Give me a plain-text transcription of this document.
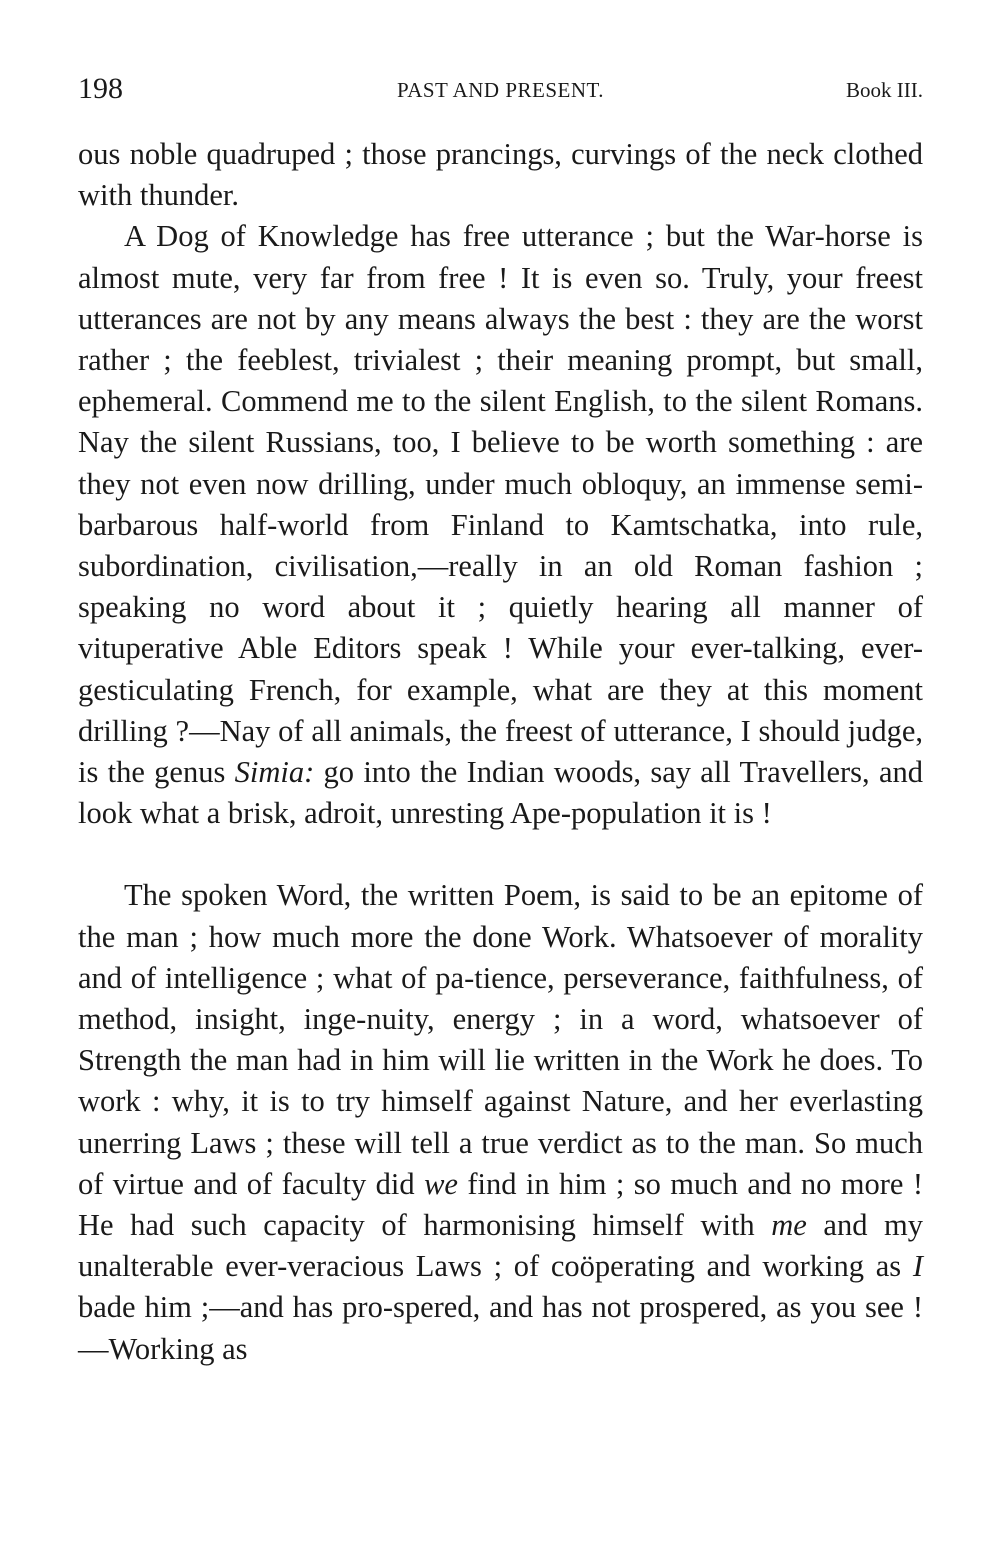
198	PAST AND PRESENT.	Book III.

ous noble quadruped ; those prancings, curvings of the neck clothed with thunder.

A Dog of Knowledge has free utterance ; but the War-horse is almost mute, very far from free ! It is even so. Truly, your freest utterances are not by any means always the best : they are the worst rather ; the feeblest, trivialest ; their meaning prompt, but small, ephemeral. Commend me to the silent English, to the silent Romans. Nay the silent Russians, too, I believe to be worth something : are they not even now drilling, under much obloquy, an immense semi-barbarous half-world from Finland to Kamtschatka, into rule, subordination, civilisation,—really in an old Roman fashion ; speaking no word about it ; quietly hearing all manner of vituperative Able Editors speak ! While your ever-talking, ever-gesticulating French, for example, what are they at this moment drilling ?—Nay of all animals, the freest of utterance, I should judge, is the genus Simia: go into the Indian woods, say all Travellers, and look what a brisk, adroit, unresting Ape-population it is !

The spoken Word, the written Poem, is said to be an epitome of the man ; how much more the done Work. Whatsoever of morality and of intelligence ; what of pa-tience, perseverance, faithfulness, of method, insight, inge-nuity, energy ; in a word, whatsoever of Strength the man had in him will lie written in the Work he does. To work : why, it is to try himself against Nature, and her everlasting unerring Laws ; these will tell a true verdict as to the man. So much of virtue and of faculty did we find in him ; so much and no more ! He had such capacity of harmonising himself with me and my unalterable ever-veracious Laws ; of coöperating and working as I bade him ;—and has pro-spered, and has not prospered, as you see !—Working as
